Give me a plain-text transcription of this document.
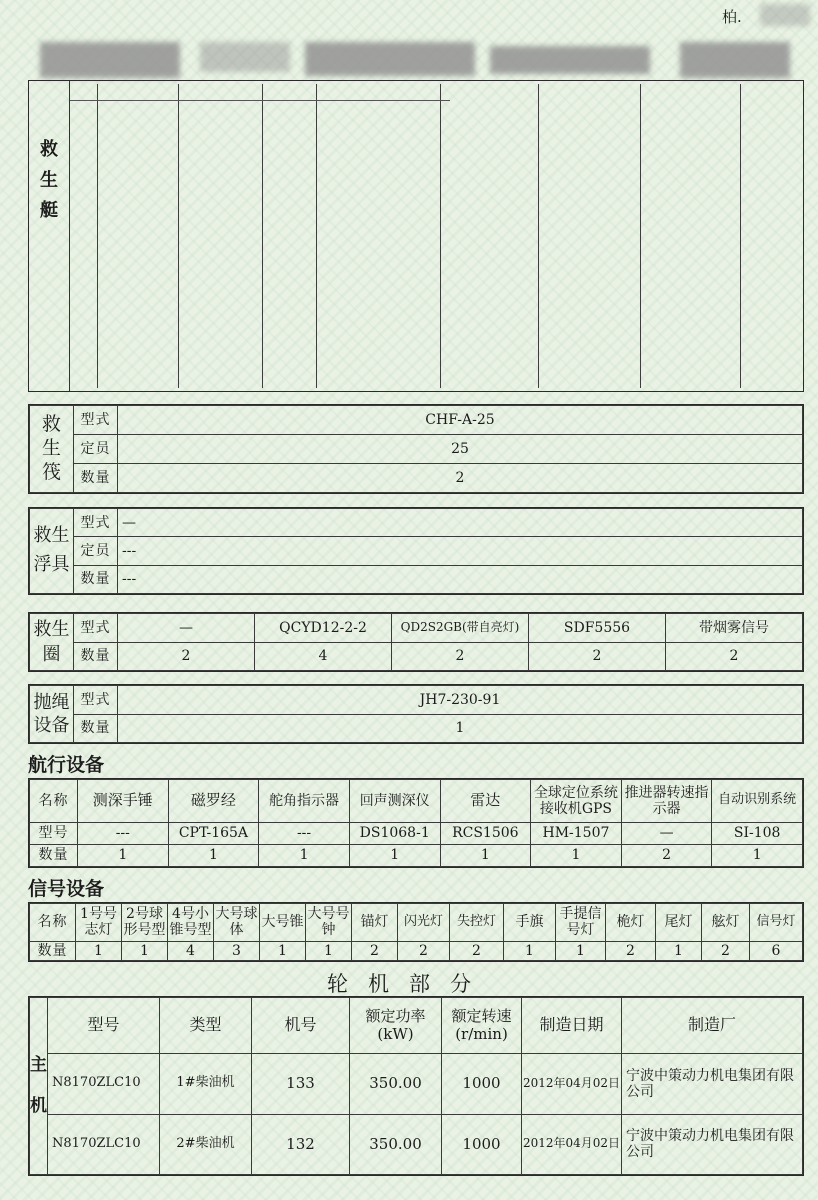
柏.
救
生
艇
救
生
筏	型式	CHF-A-25
	定员	25
	数量	2
救生
浮具	型式	—
	定员	---
	数量	---
救生
圈	型式	—	QCYD12-2-2	QD2S2GB(带自亮灯)	SDF5556	带烟雾信号
	数量	2	4	2	2	2
抛绳
设备	型式	JH7-230-91
	数量	1
航行设备
名称	测深手锤	磁罗经	舵角指示器	回声测深仪	雷达	全球定位系统接收机GPS	推进器转速指示器	自动识别系统
型号	---	CPT-165A	---	DS1068-1	RCS1506	HM-1507	—	SI-108
数量	1	1	1	1	1	1	2	1
信号设备
名称	1号号志灯	2号球形号型	4号小锥号型	大号球体	大号锥	大号号钟	锚灯	闪光灯	失控灯	手旗	手提信号灯	桅灯	尾灯	舷灯	信号灯
数量	1	1	4	3	1	1	2	2	2	1	1	2	1	2	6
轮机部分
主

机	型号	类型	机号	额定功率(kW)	额定转速(r/min)	制造日期	制造厂
	N8170ZLC10	1#柴油机	133	350.00	1000	2012年04月02日	宁波中策动力机电集团有限公司
	N8170ZLC10	2#柴油机	132	350.00	1000	2012年04月02日	宁波中策动力机电集团有限公司
